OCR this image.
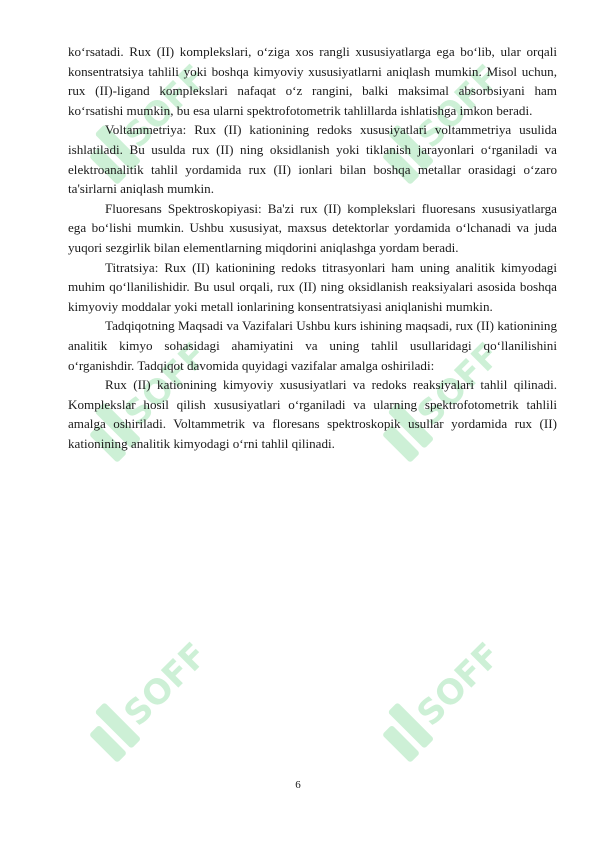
SOFF	SOFF
SOFF	SOFF
SOFF	SOFF

ko‘rsatadi. Rux (II) komplekslari, o‘ziga xos rangli xususiyatlarga ega bo‘lib, ular orqali konsentratsiya tahlili yoki boshqa kimyoviy xususiyatlarni aniqlash mumkin. Misol uchun, rux (II)-ligand komplekslari nafaqat o‘z rangini, balki maksimal absorbsiyani ham ko‘rsatishi mumkin, bu esa ularni spektrofotometrik tahlillarda ishlatishga imkon beradi.

Voltammetriya: Rux (II) kationining redoks xususiyatlari voltammetriya usulida ishlatiladi. Bu usulda rux (II) ning oksidlanish yoki tiklanish jarayonlari o‘rganiladi va elektroanalitik tahlil yordamida rux (II) ionlari bilan boshqa metallar orasidagi o‘zaro ta'sirlarni aniqlash mumkin.

Fluoresans Spektroskopiyasi: Ba'zi rux (II) komplekslari fluoresans xususiyatlarga ega bo‘lishi mumkin. Ushbu xususiyat, maxsus detektorlar yordamida o‘lchanadi va juda yuqori sezgirlik bilan elementlarning miqdorini aniqlashga yordam beradi.

Titratsiya: Rux (II) kationining redoks titrasyonlari ham uning analitik kimyodagi muhim qo‘llanilishidir. Bu usul orqali, rux (II) ning oksidlanish reaksiyalari asosida boshqa kimyoviy moddalar yoki metall ionlarining konsentratsiyasi aniqlanishi mumkin.

Tadqiqotning Maqsadi va Vazifalari Ushbu kurs ishining maqsadi, rux (II) kationining analitik kimyo sohasidagi ahamiyatini va uning tahlil usullaridagi qo‘llanilishini o‘rganishdir. Tadqiqot davomida quyidagi vazifalar amalga oshiriladi:

Rux (II) kationining kimyoviy xususiyatlari va redoks reaksiyalari tahlil qilinadi. Komplekslar hosil qilish xususiyatlari o‘rganiladi va ularning spektrofotometrik tahlili amalga oshiriladi. Voltammetrik va floresans spektroskopik usullar yordamida rux (II) kationining analitik kimyodagi o‘rni tahlil qilinadi.

6
